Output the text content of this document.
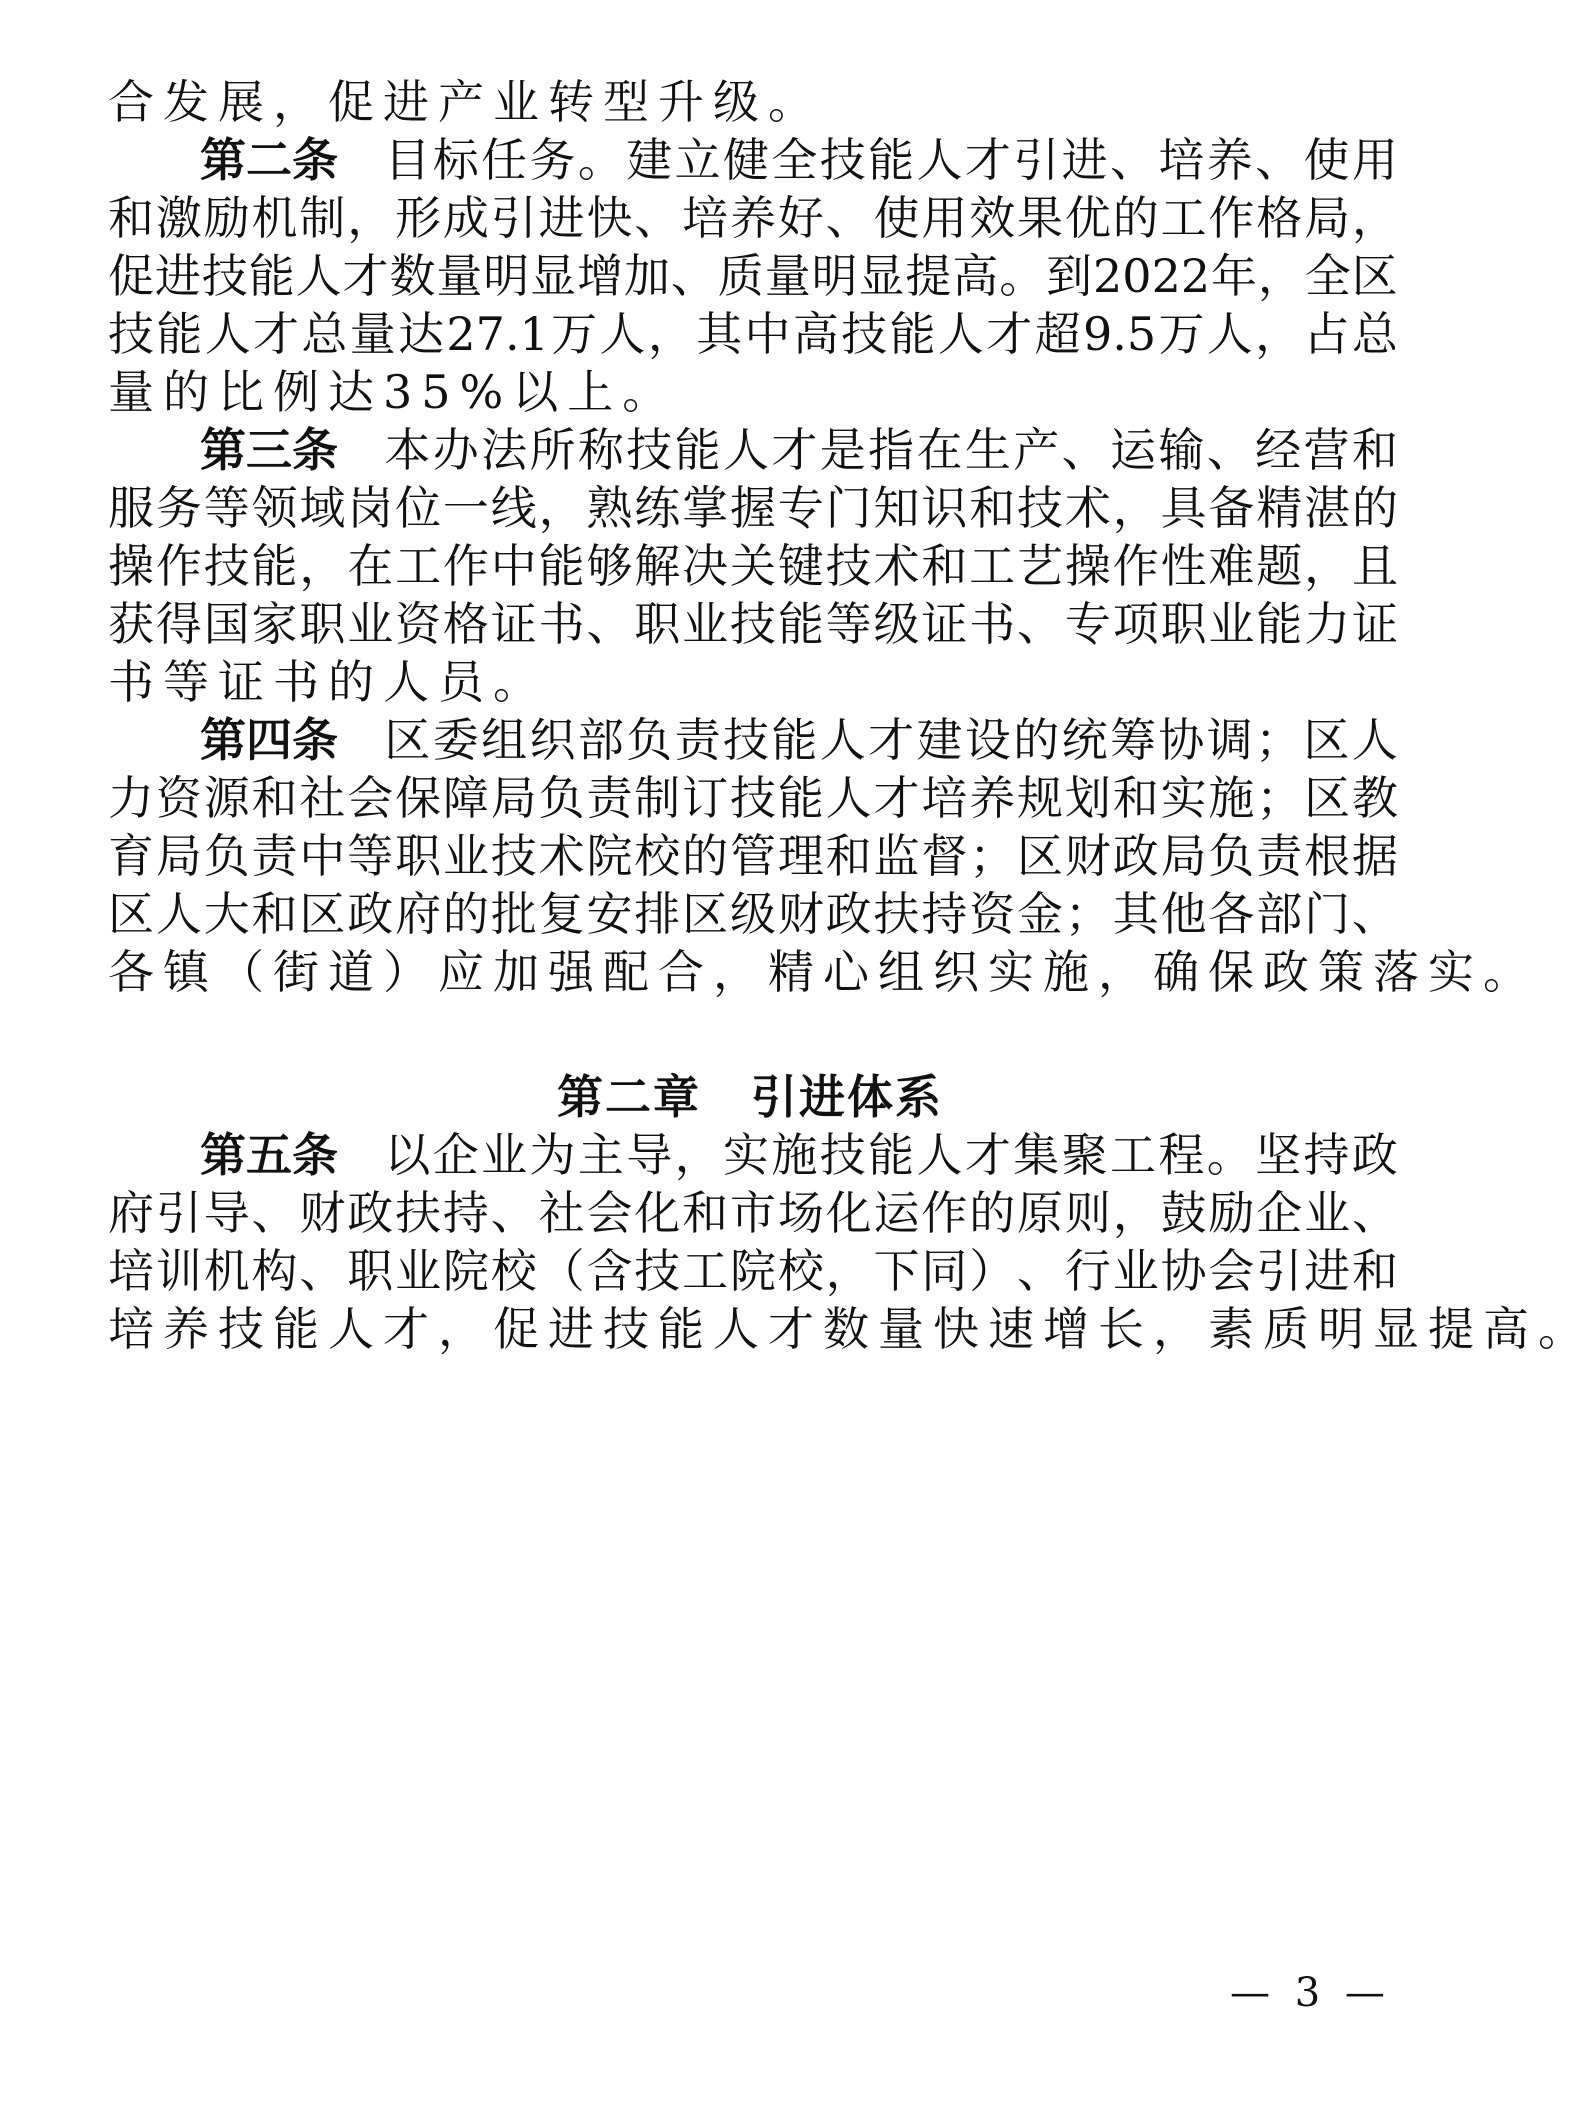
合 发 展 ， 促 进 产 业 转 型 升 级 。
第二条 目 标 任 务 。 建 立 健 全 技 能 人 才 引 进 、 培 养 、 使 用
和 激 励 机 制 ， 形 成 引 进 快 、 培 养 好 、 使 用 效 果 优 的 工 作 格 局 ，
促 进 技 能 人 才 数 量 明 显 增 加 、 质 量 明 显 提 高 。 到 2022 年 ， 全 区
技 能 人 才 总 量 达 27.1 万 人 ， 其 中 高 技 能 人 才 超 9.5 万 人 ， 占 总
量 的 比 例 达 35% 以 上 。
第三条 本 办 法 所 称 技 能 人 才 是 指 在 生 产 、 运 输 、 经 营 和
服 务 等 领 域 岗 位 一 线 ， 熟 练 掌 握 专 门 知 识 和 技 术 ， 具 备 精 湛 的
操 作 技 能 ， 在 工 作 中 能 够 解 决 关 键 技 术 和 工 艺 操 作 性 难 题 ， 且
获 得 国 家 职 业 资 格 证 书 、 职 业 技 能 等 级 证 书 、 专 项 职 业 能 力 证
书 等 证 书 的 人 员 。
第四条 区 委 组 织 部 负 责 技 能 人 才 建 设 的 统 筹 协 调 ； 区 人
力 资 源 和 社 会 保 障 局 负 责 制 订 技 能 人 才 培 养 规 划 和 实 施 ； 区 教
育 局 负 责 中 等 职 业 技 术 院 校 的 管 理 和 监 督 ； 区 财 政 局 负 责 根 据
区 人 大 和 区 政 府 的 批 复 安 排 区 级 财 政 扶 持 资 金 ； 其 他 各 部 门 、
各 镇 （ 街 道 ） 应 加 强 配 合 ， 精 心 组 织 实 施 ， 确 保 政 策 落 实 。
第二章 引进体系
第五条 以 企 业 为 主 导 ， 实 施 技 能 人 才 集 聚 工 程 。 坚 持 政
府 引 导 、 财 政 扶 持 、 社 会 化 和 市 场 化 运 作 的 原 则 ， 鼓 励 企 业 、
培 训 机 构 、 职 业 院 校 （ 含 技 工 院 校 ， 下 同 ） 、 行 业 协 会 引 进 和
培 养 技 能 人 才 ， 促 进 技 能 人 才 数 量 快 速 增 长 ， 素 质 明 显 提 高 。
— 3 —
